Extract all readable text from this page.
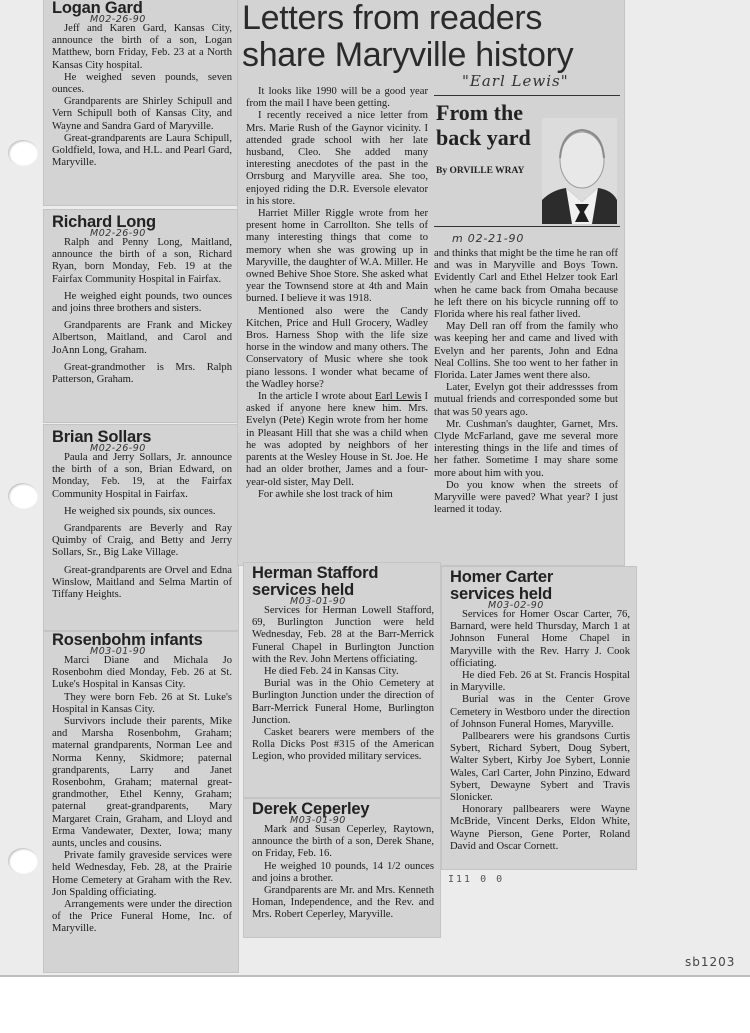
Logan Gard
M02-26-90

Jeff and Karen Gard, Kansas City, announce the birth of a son, Logan Matthew, born Friday, Feb. 23 at a North Kansas City hospital.

He weighed seven pounds, seven ounces.

Grandparents are Shirley Schipull and Vern Schipull both of Kansas City, and Wayne and Sandra Gard of Maryville.

Great-grandparents are Laura Schipull, Goldfield, Iowa, and H.L. and Pearl Gard, Maryville.

Richard Long
M02-26-90

Ralph and Penny Long, Maitland, announce the birth of a son, Richard Ryan, born Monday, Feb. 19 at the Fairfax Community Hospital in Fairfax.

He weighed eight pounds, two ounces and joins three brothers and sisters.

Grandparents are Frank and Mickey Albertson, Maitland, and Carol and JoAnn Long, Graham.

Great-grandmother is Mrs. Ralph Patterson, Graham.

Brian Sollars
M02-26-90

Paula and Jerry Sollars, Jr. announce the birth of a son, Brian Edward, on Monday, Feb. 19, at the Fairfax Community Hospital in Fairfax.

He weighed six pounds, six ounces.

Grandparents are Beverly and Ray Quimby of Craig, and Betty and Jerry Sollars, Sr., Big Lake Village.

Great-grandparents are Orvel and Edna Winslow, Maitland and Selma Martin of Tiffany Heights.

Rosenbohm infants
M03-01-90

Marci Diane and Michala Jo Rosenbohm died Monday, Feb. 26 at St. Luke's Hospital in Kansas City.

They were born Feb. 26 at St. Luke's Hospital in Kansas City.

Survivors include their parents, Mike and Marsha Rosenbohm, Graham; maternal grandparents, Norman Lee and Norma Kenny, Skidmore; paternal grandparents, Larry and Janet Rosenbohm, Graham; maternal great-grandmother, Ethel Kenny, Graham; paternal great-grandparents, Mary Margaret Crain, Graham, and Lloyd and Erma Vandewater, Dexter, Iowa; many aunts, uncles and cousins.

Private family graveside services were held Wednesday, Feb. 28, at the Prairie Home Cemetery at Graham with the Rev. Jon Spalding officiating.

Arrangements were under the direction of the Price Funeral Home, Inc. of Maryville.

Letters from readers
share Maryville history

It looks like 1990 will be a good year from the mail I have been getting.

I recently received a nice letter from Mrs. Marie Rush of the Gaynor vicinity. I attended grade school with her late husband, Cleo. She added many interesting anecdotes of the past in the Orrsburg and Maryville area. She too, enjoyed riding the D.R. Eversole elevator in his store.

Harriet Miller Riggle wrote from her present home in Carrollton. She tells of many interesting things that come to memory when she was growing up in Maryville, the daughter of W.A. Miller. He owned Behive Shoe Store. She asked what year the Townsend store at 4th and Main burned. I believe it was 1918.

Mentioned also were the Candy Kitchen, Price and Hull Grocery, Wadley Bros. Harness Shop with the life size horse in the window and many others. The Conservatory of Music where she took piano lessons. I wonder what became of the Wadley horse?

In the article I wrote about Earl Lewis I asked if anyone here knew him. Mrs. Evelyn (Pete) Kegin wrote from her home in Pleasant Hill that she was a child when he was adopted by neighbors of her parents at the Wesley House in St. Joe. He had an older brother, James and a four-year-old sister, May Dell.

For awhile she lost track of him

From the back yard
By ORVILLE WRAY

and thinks that might be the time he ran off and was in Maryville and Boys Town. Evidently Carl and Ethel Helzer took Earl when he came back from Omaha because he left there on his bicycle running off to Florida where his real father lived.

May Dell ran off from the family who was keeping her and came and lived with Evelyn and her parents, John and Edna Neal Collins. She too went to her father in Florida. Later James went there also.

Later, Evelyn got their addressses from mutual friends and corresponded some but that was 50 years ago.

Mr. Cushman's daughter, Garnet, Mrs. Clyde McFarland, gave me several more interesting things in the life and times of her father. Sometime I may share some more about him with you.

Do you know when the streets of Maryville were paved? What year? I just learned it today.

"Earl Lewis"
m 02-21-90
Herman Stafford
services held
M03-01-90

Services for Herman Lowell Stafford, 69, Burlington Junction were held Wednesday, Feb. 28 at the Barr-Merrick Funeral Chapel in Burlington Junction with the Rev. John Mertens officiating.

He died Feb. 24 in Kansas City.

Burial was in the Ohio Cemetery at Burlington Junction under the direction of Barr-Merrick Funeral Home, Burlington Junction.

Casket bearers were members of the Rolla Dicks Post #315 of the American Legion, who provided military services.

Derek Ceperley
M03-01-90

Mark and Susan Ceperley, Raytown, announce the birth of a son, Derek Shane, on Friday, Feb. 16.

He weighed 10 pounds, 14 1/2 ounces and joins a brother.

Grandparents are Mr. and Mrs. Kenneth Homan, Independence, and the Rev. and Mrs. Robert Ceperley, Maryville.

Homer Carter
services held
M03-02-90

Services for Homer Oscar Carter, 76, Barnard, were held Thursday, March 1 at Johnson Funeral Home Chapel in Maryville with the Rev. Harry J. Cook officiating.

He died Feb. 26 at St. Francis Hospital in Maryville.

Burial was in the Center Grove Cemetery in Westboro under the direction of Johnson Funeral Homes, Maryville.

Pallbearers were his grandsons Curtis Sybert, Richard Sybert, Doug Sybert, Walter Sybert, Kirby Joe Sybert, Lonnie Wales, Carl Carter, John Pinzino, Edward Sybert, Dewayne Sybert and Travis Slonicker.

Honorary pallbearers were Wayne McBride, Vincent Derks, Eldon White, Wayne Pierson, Gene Porter, Roland David and Oscar Cornett.

I11 0 0
sb1203
